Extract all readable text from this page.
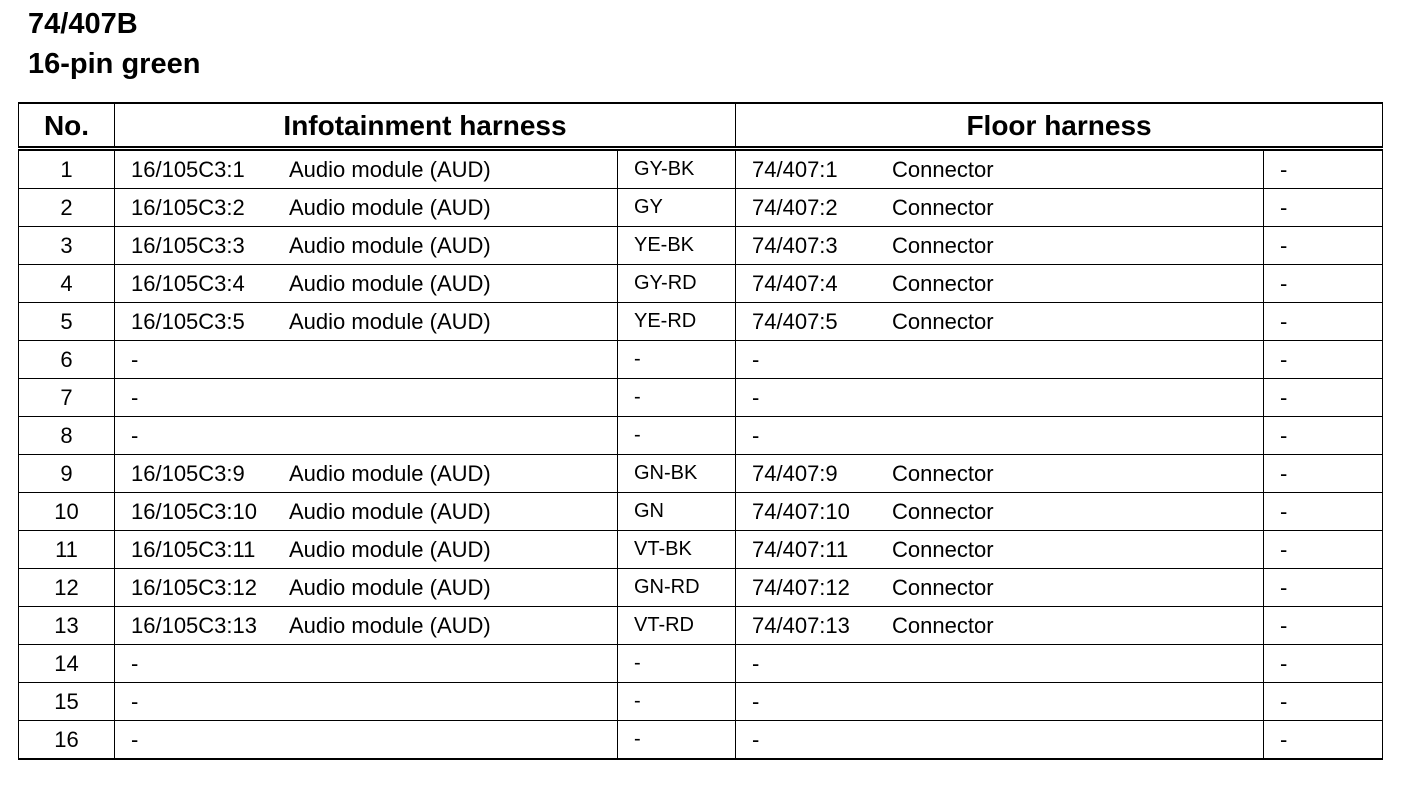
74/407B
16-pin green
No.	Infotainment harness		Floor harness	
1	16/105C3:1 Audio module (AUD)	GY-BK	74/407:1 Connector	-
2	16/105C3:2 Audio module (AUD)	GY	74/407:2 Connector	-
3	16/105C3:3 Audio module (AUD)	YE-BK	74/407:3 Connector	-
4	16/105C3:4 Audio module (AUD)	GY-RD	74/407:4 Connector	-
5	16/105C3:5 Audio module (AUD)	YE-RD	74/407:5 Connector	-
6	-	-	-	-
7	-	-	-	-
8	-	-	-	-
9	16/105C3:9 Audio module (AUD)	GN-BK	74/407:9 Connector	-
10	16/105C3:10 Audio module (AUD)	GN	74/407:10 Connector	-
11	16/105C3:11 Audio module (AUD)	VT-BK	74/407:11 Connector	-
12	16/105C3:12 Audio module (AUD)	GN-RD	74/407:12 Connector	-
13	16/105C3:13 Audio module (AUD)	VT-RD	74/407:13 Connector	-
14	-	-	-	-
15	-	-	-	-
16	-	-	-	-
